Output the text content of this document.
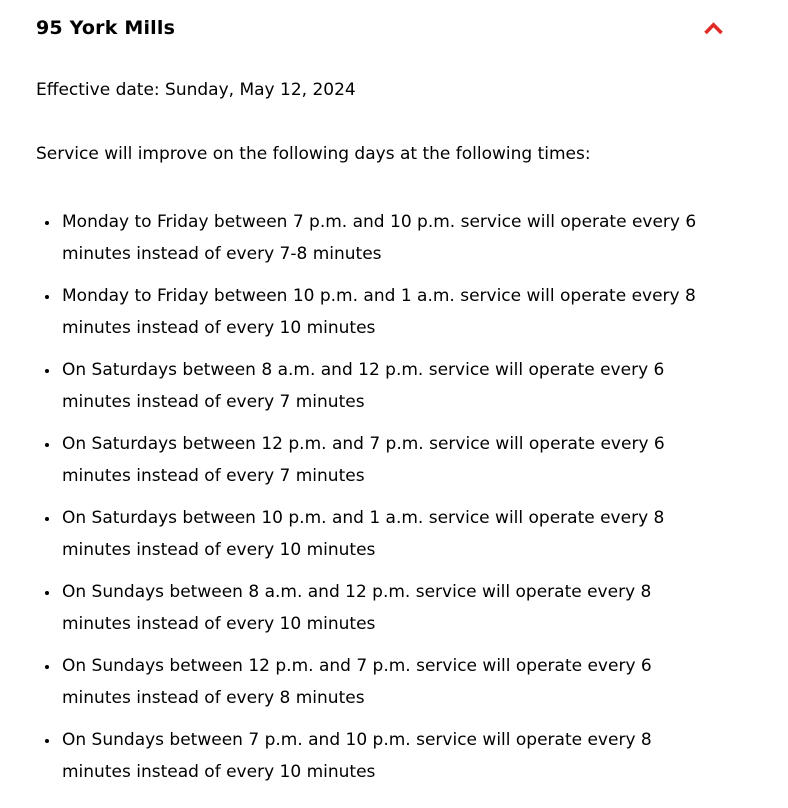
95 York Mills

Effective date: Sunday, May 12, 2024

Service will improve on the following days at the following times:

• Monday to Friday between 7 p.m. and 10 p.m. service will operate every 6 minutes instead of every 7-8 minutes
• Monday to Friday between 10 p.m. and 1 a.m. service will operate every 8 minutes instead of every 10 minutes
• On Saturdays between 8 a.m. and 12 p.m. service will operate every 6 minutes instead of every 7 minutes
• On Saturdays between 12 p.m. and 7 p.m. service will operate every 6 minutes instead of every 7 minutes
• On Saturdays between 10 p.m. and 1 a.m. service will operate every 8 minutes instead of every 10 minutes
• On Sundays between 8 a.m. and 12 p.m. service will operate every 8 minutes instead of every 10 minutes
• On Sundays between 12 p.m. and 7 p.m. service will operate every 6 minutes instead of every 8 minutes
• On Sundays between 7 p.m. and 10 p.m. service will operate every 8 minutes instead of every 10 minutes
